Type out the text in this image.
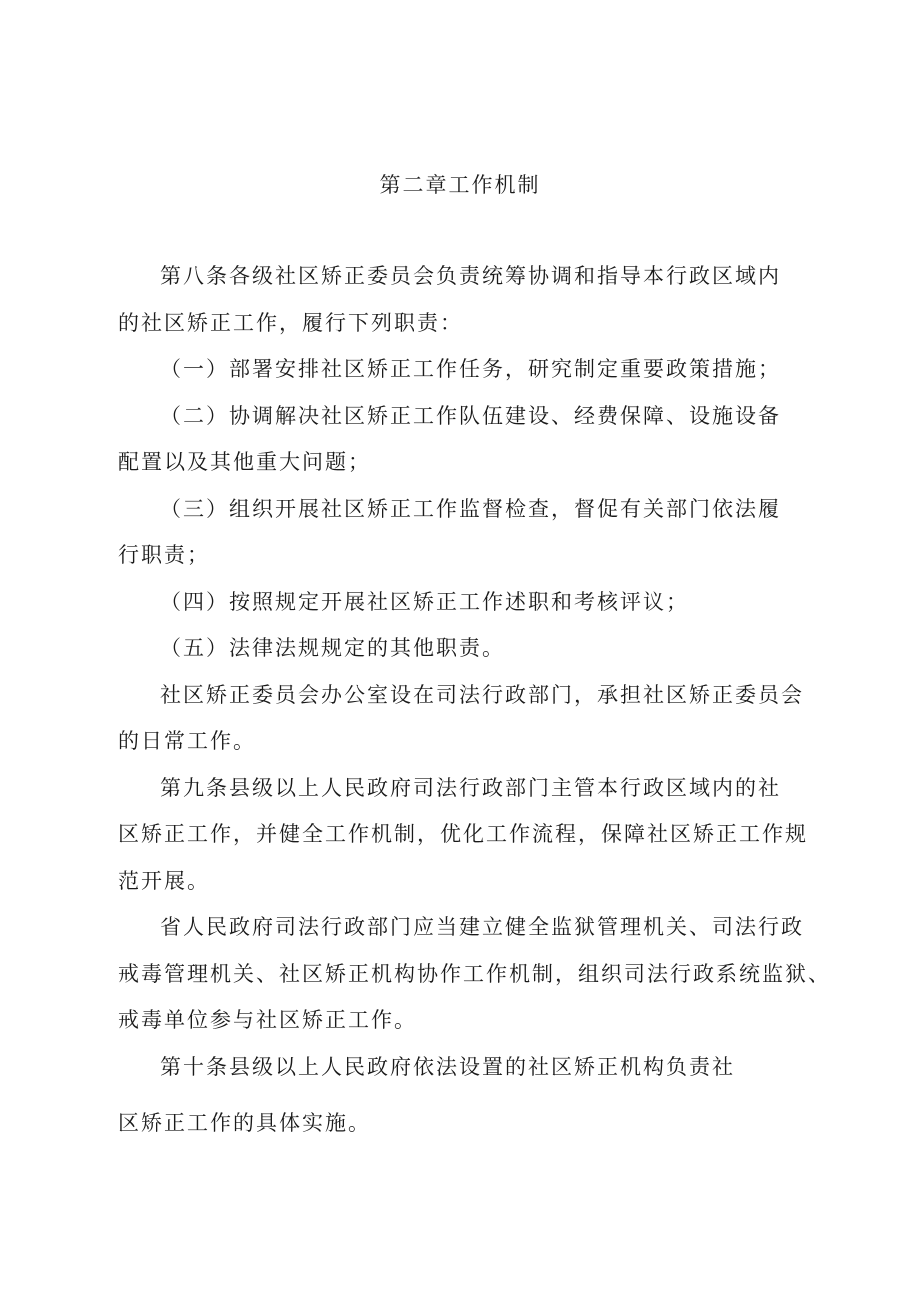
第二章工作机制

第八条各级社区矫正委员会负责统筹协调和指导本行政区域内

的社区矫正工作，履行下列职责：

（一）部署安排社区矫正工作任务，研究制定重要政策措施；

（二）协调解决社区矫正工作队伍建设、经费保障、设施设备

配置以及其他重大问题；

（三）组织开展社区矫正工作监督检查，督促有关部门依法履

行职责；

（四）按照规定开展社区矫正工作述职和考核评议；

（五）法律法规规定的其他职责。

社区矫正委员会办公室设在司法行政部门，承担社区矫正委员会

的日常工作。

第九条县级以上人民政府司法行政部门主管本行政区域内的社

区矫正工作，并健全工作机制，优化工作流程，保障社区矫正工作规

范开展。

省人民政府司法行政部门应当建立健全监狱管理机关、司法行政

戒毒管理机关、社区矫正机构协作工作机制，组织司法行政系统监狱、

戒毒单位参与社区矫正工作。

第十条县级以上人民政府依法设置的社区矫正机构负责社

区矫正工作的具体实施。
